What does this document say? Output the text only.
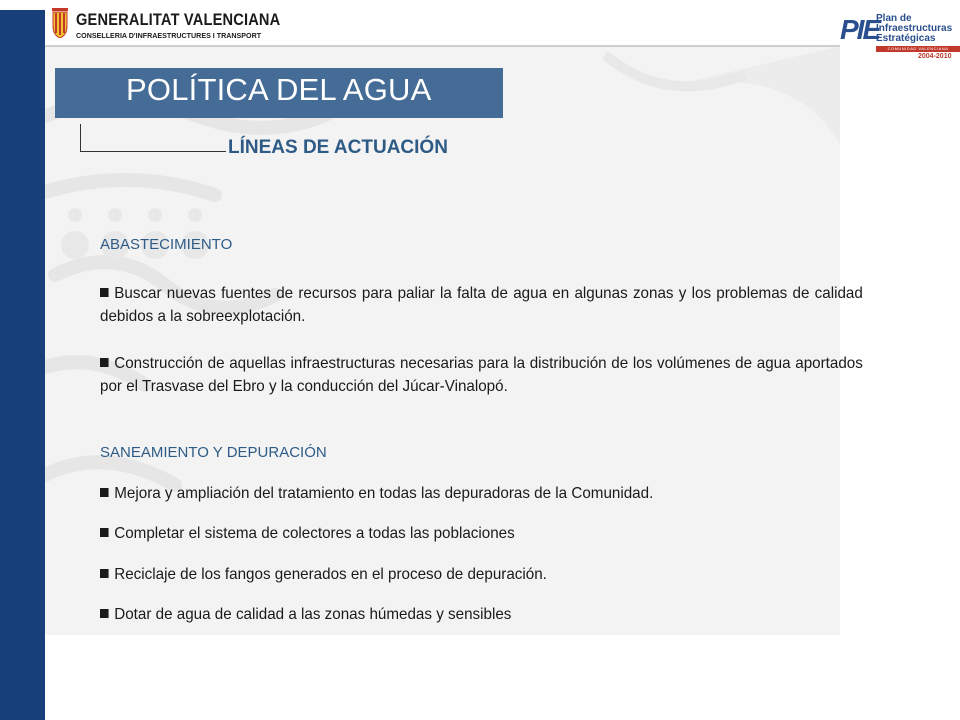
GENERALITAT VALENCIANA
CONSELLERIA D'INFRAESTRUCTURES I TRANSPORT	PIE
Plan de
Infraestructuras
Estratégicas
COMUNIDAD VALENCIANA
2004-2010
POLÍTICA DEL AGUA
LÍNEAS DE ACTUACIÓN
ABASTECIMIENTO
Buscar nuevas fuentes de recursos para paliar la falta de agua en algunas zonas y los problemas de calidad debidos a la sobreexplotación.
Construcción de aquellas infraestructuras necesarias para la distribución de los volúmenes de agua aportados por el Trasvase del Ebro y la conducción del Júcar-Vinalopó.
SANEAMIENTO Y DEPURACIÓN
Mejora y ampliación del tratamiento en todas las depuradoras de la Comunidad.
Completar el sistema de colectores a todas las poblaciones
Reciclaje de los fangos generados en el proceso de depuración.
Dotar de agua de calidad a las zonas húmedas y sensibles
